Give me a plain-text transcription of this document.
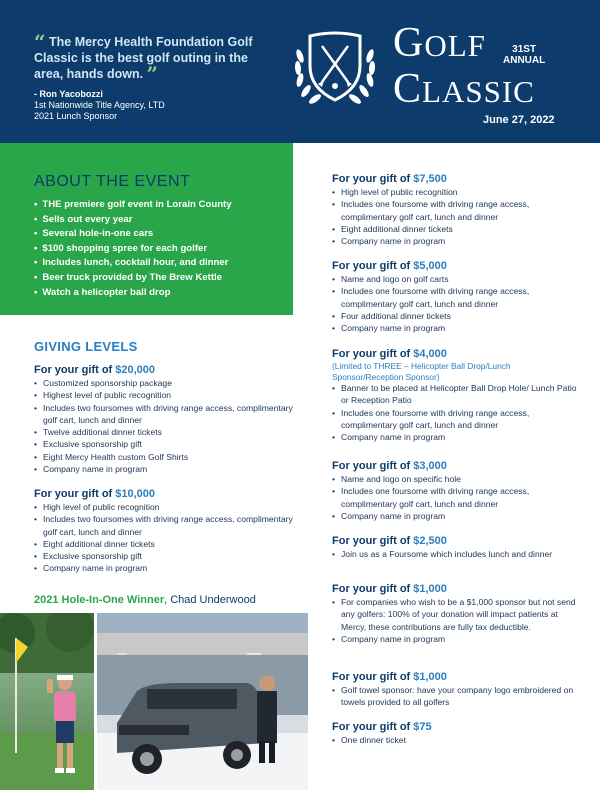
“ The Mercy Health Foundation Golf Classic is the best golf outing in the area, hands down. ”
- Ron Yacobozzi
1st Nationwide Title Agency, LTD
2021 Lunch Sponsor
GOLF	31ST
ANNUAL
CLASSIC
June 27, 2022
ABOUT THE EVENT
• THE premiere golf event in Lorain County
• Sells out every year
• Several hole-in-one cars
• $100 shopping spree for each golfer
• Includes lunch, cocktail hour, and dinner
• Beer truck provided by The Brew Kettle
• Watch a helicopter ball drop
GIVING LEVELS
For your gift of $20,000
• Customized sponsorship package
• Highest level of public recognition
• Includes two foursomes with driving range access, complimentary golf cart, lunch and dinner
• Twelve additional dinner tickets
• Exclusive sponsorship gift
• Eight Mercy Health custom Golf Shirts
• Company name in program
For your gift of $10,000
• High level of public recognition
• Includes two foursomes with driving range access, complimentary golf cart, lunch and dinner
• Eight additional dinner tickets
• Exclusive sponsorship gift
• Company name in program
For your gift of $7,500
• High level of public recognition
• Includes one foursome with driving range access, complimentary golf cart, lunch and dinner
• Eight additional dinner tickets
• Company name in program
For your gift of $5,000
• Name and logo on golf carts
• Includes one foursome with driving range access, complimentary golf cart, lunch and dinner
• Four additional dinner tickets
• Company name in program
For your gift of $4,000
(Limited to THREE – Helicopter Ball Drop/Lunch Sponsor/Reception Sponsor)
• Banner to be placed at Helicopter Ball Drop Hole/ Lunch Patio or Reception Patio
• Includes one foursome with driving range access, complimentary golf cart, lunch and dinner
• Company name in program
For your gift of $3,000
• Name and logo on specific hole
• Includes one foursome with driving range access, complimentary golf cart, lunch and dinner
• Company name in program
For your gift of $2,500
• Join us as a Foursome which includes lunch and dinner
For your gift of $1,000
• For companies who wish to be a $1,000 sponsor but not send any golfers: 100% of your donation will impact patients at Mercy, these contributions are fully tax deductible.
• Company name in program
For your gift of $1,000
• Golf towel sponsor: have your company logo embroidered on towels provided to all golfers
For your gift of $75
• One dinner ticket
2021 Hole-In-One Winner, Chad Underwood
